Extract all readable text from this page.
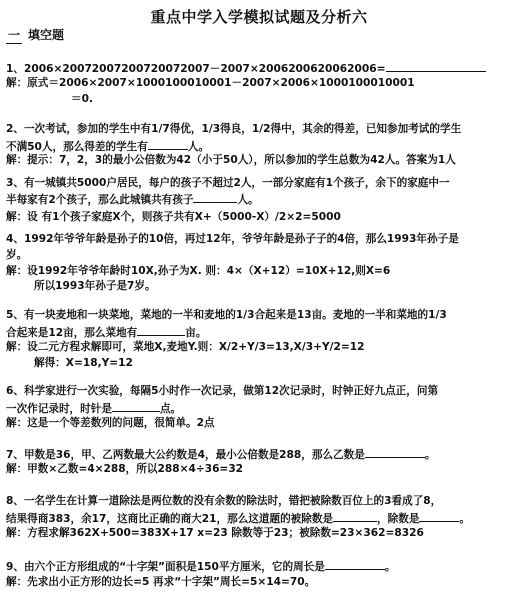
重点中学入学模拟试题及分析六
一 填空题
1、2006×20072007200720072007－2007×2006200620062006=
解：原式＝2006×2007×1000100010001－2007×2006×1000100010001
＝0.
2、一次考试，参加的学生中有1/7得优，1/3得良，1/2得中，其余的得差，已知参加考试的学生
不满50人，那么得差的学生有	人。
解：提示：7，2，3的最小公倍数为42（小于50人），所以参加的学生总数为42人。答案为1人
3、有一城镇共5000户居民，每户的孩子不超过2人，一部分家庭有1个孩子，余下的家庭中一
半每家有2个孩子，那么此城镇共有孩子	人。
解：设 有1个孩子家庭X个，则孩子共有X+（5000-X）/2×2=5000
4、1992年爷爷年龄是孙子的10倍，再过12年，爷爷年龄是孙子子的4倍，那么1993年孙子是
岁。
解：设1992年爷爷年龄时10X,孙子为X. 则：4×（X+12）=10X+12,则X=6
所以1993年孙子是7岁。
5、有一块麦地和一块菜地，菜地的一半和麦地的1/3合起来是13亩。麦地的一半和菜地的1/3
合起来是12亩，那么菜地有	亩。
解：设二元方程求解即可，菜地X,麦地Y.则：X/2+Y/3=13,X/3+Y/2=12
解得：X=18,Y=12
6、科学家进行一次实验，每隔5小时作一次记录，做第12次记录时，时钟正好九点正，问第
一次作记录时，时针是	点。
解：这是一个等差数列的问题，很简单。2点
7、甲数是36，甲、乙两数最大公约数是4，最小公倍数是288，那么乙数是	。
解：甲数×乙数=4×288，所以288×4÷36=32
8、一名学生在计算一道除法是两位数的没有余数的除法时，错把被除数百位上的3看成了8，
结果得商383，余17，这商比正确的商大21，那么这道题的被除数是	，除数是	。
解：方程求解362X+500=383X+17 x=23 除数等于23；被除数=23×362=8326
9、由六个正方形组成的“十字架”面积是150平方厘米，它的周长是	。
解：先求出小正方形的边长=5 再求“十字架”周长=5×14=70。
